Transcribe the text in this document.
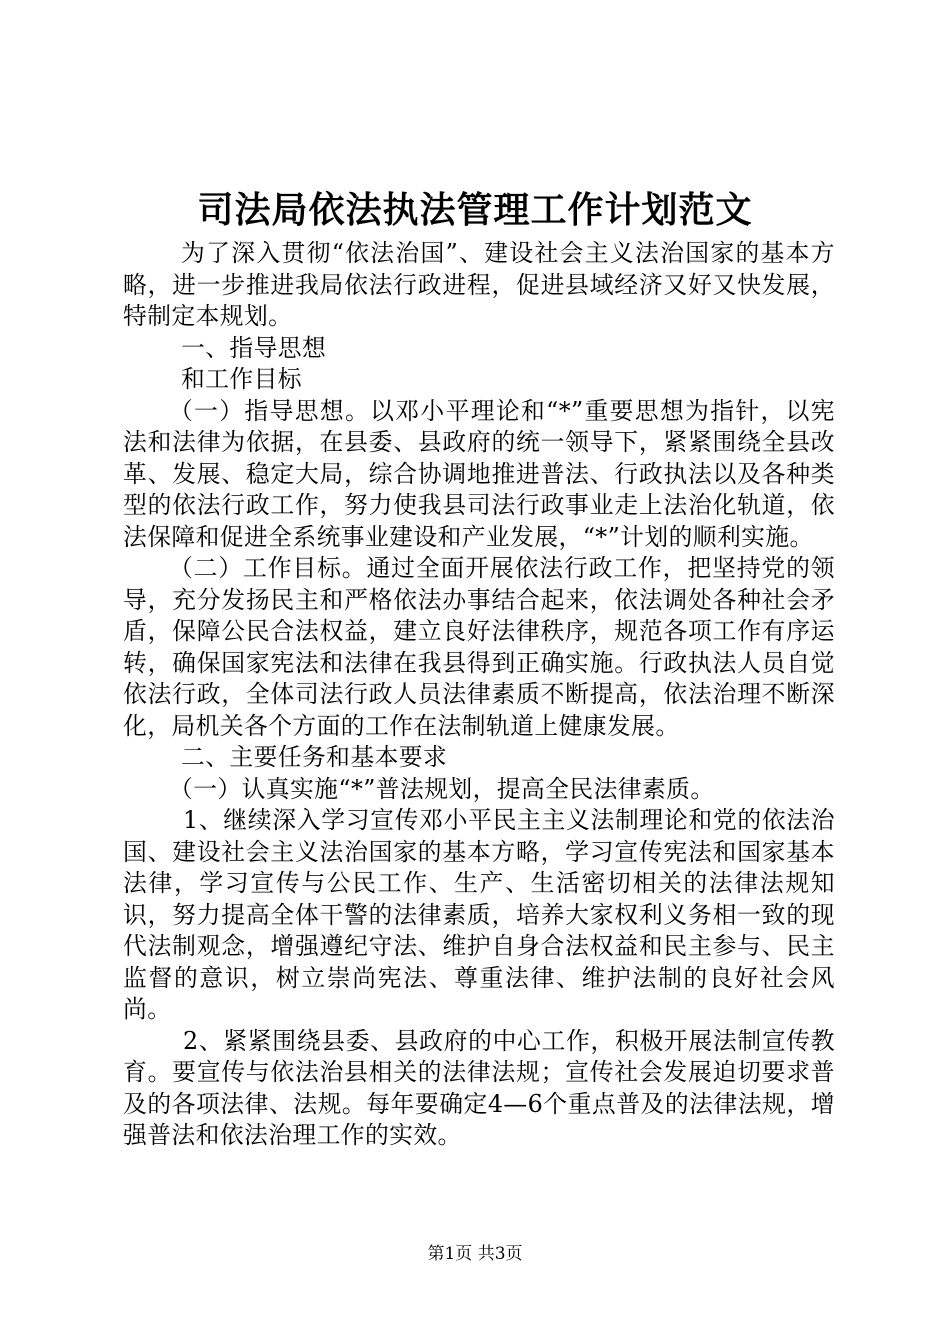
司法局依法执法管理工作计划范文

为了深入贯彻“依法治国”、建设社会主义法治国家的基本方略，进一步推进我局依法行政进程，促进县域经济又好又快发展，特制定本规划。

一、指导思想

和工作目标

（一）指导思想。以邓小平理论和“*”重要思想为指针，以宪法和法律为依据，在县委、县政府的统一领导下，紧紧围绕全县改革、发展、稳定大局，综合协调地推进普法、行政执法以及各种类型的依法行政工作，努力使我县司法行政事业走上法治化轨道，依法保障和促进全系统事业建设和产业发展，“*”计划的顺利实施。

（二）工作目标。通过全面开展依法行政工作，把坚持党的领导，充分发扬民主和严格依法办事结合起来，依法调处各种社会矛盾，保障公民合法权益，建立良好法律秩序，规范各项工作有序运转，确保国家宪法和法律在我县得到正确实施。行政执法人员自觉依法行政，全体司法行政人员法律素质不断提高，依法治理不断深化，局机关各个方面的工作在法制轨道上健康发展。

二、主要任务和基本要求

（一）认真实施“*”普法规划，提高全民法律素质。

1、继续深入学习宣传邓小平民主主义法制理论和党的依法治国、建设社会主义法治国家的基本方略，学习宣传宪法和国家基本法律，学习宣传与公民工作、生产、生活密切相关的法律法规知识，努力提高全体干警的法律素质，培养大家权利义务相一致的现代法制观念，增强遵纪守法、维护自身合法权益和民主参与、民主监督的意识，树立崇尚宪法、尊重法律、维护法制的良好社会风尚。

2、紧紧围绕县委、县政府的中心工作，积极开展法制宣传教育。要宣传与依法治县相关的法律法规；宣传社会发展迫切要求普及的各项法律、法规。每年要确定4—6个重点普及的法律法规，增强普法和依法治理工作的实效。

第1页 共3页
